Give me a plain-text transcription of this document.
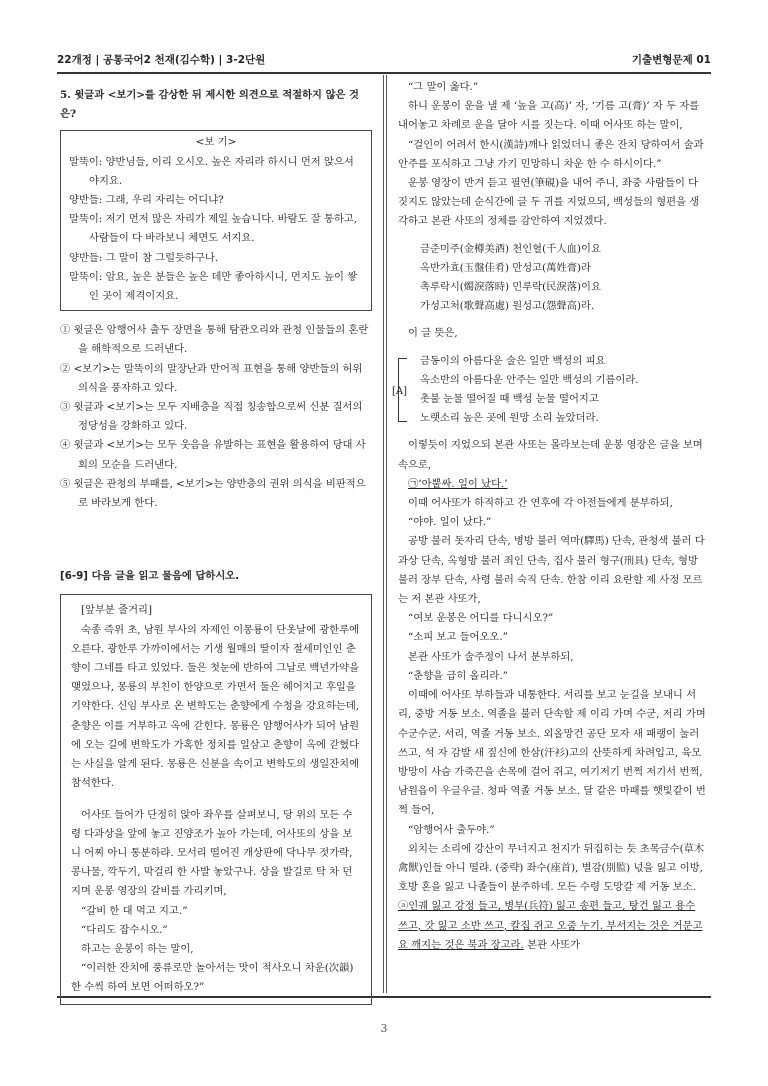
22개정 | 공통국어2 천재(김수학) | 3-2단원	기출변형문제 01

5. 윗글과 <보기>를 감상한 뒤 제시한 의견으로 적절하지 않은 것은?

<보 기>

말뚝이: 양반님들, 이리 오시오. 높은 자리라 하시니 먼저 앉으셔야지요.

양반들: 그래, 우리 자리는 어디냐?

말뚝이: 저기 먼저 많은 자리가 제일 높습니다. 바람도 잘 통하고, 사람들이 다 바라보니 체면도 서지요.

양반들: 그 말이 참 그럴듯하구나.

말뚝이: 암요, 높은 분들은 높은 데만 좋아하시니, 먼지도 높이 쌓인 곳이 제격이지요.

① 윗글은 암행어사 출두 장면을 통해 탐관오리와 관청 인물들의 혼란을 해학적으로 드러낸다.

② <보기>는 말뚝이의 말장난과 반어적 표현을 통해 양반들의 허위의식을 풍자하고 있다.

③ 윗글과 <보기>는 모두 지배층을 직접 칭송함으로써 신분 질서의 정당성을 강화하고 있다.

④ 윗글과 <보기>는 모두 웃음을 유발하는 표현을 활용하여 당대 사회의 모순을 드러낸다.

⑤ 윗글은 관청의 부패를, <보기>는 양반층의 권위 의식을 비판적으로 바라보게 한다.

[6-9] 다음 글을 읽고 물음에 답하시오.

[앞부분 줄거리]

숙종 즉위 초, 남원 부사의 자제인 이몽룡이 단옷날에 광한루에 오른다. 광한루 가까이에서는 기생 월매의 딸이자 절세미인인 춘향이 그네를 타고 있었다. 둘은 첫눈에 반하여 그날로 백년가약을 맺었으나, 몽룡의 부친이 한양으로 가면서 둘은 헤어지고 후일을 기약한다. 신임 부사로 온 변학도는 춘향에게 수청을 강요하는데, 춘향은 이를 거부하고 옥에 갇힌다. 몽룡은 암행어사가 되어 남원에 오는 길에 변학도가 가혹한 정치를 일삼고 춘향이 옥에 갇혔다는 사실을 알게 된다. 몽룡은 신분을 속이고 변학도의 생일잔치에 참석한다.

어사또 들어가 단정히 앉아 좌우를 살펴보니, 당 위의 모든 수령 다과상을 앞에 놓고 진양조가 높아 가는데, 어사또의 상을 보니 어찌 아니 통분하랴. 모서리 떨어진 개상판에 닥나무 젓가락, 콩나물, 깍두기, 막걸리 한 사발 놓았구나. 상을 발길로 탁 차 던지며 운봉 영장의 갈비를 가리키며,

“갈비 한 대 먹고 지고.”

“다리도 잡수시오.”

하고는 운봉이 하는 말이,

“이러한 잔치에 풍류로만 놀아서는 맛이 적사오니 차운(次韻) 한 수씩 하여 보면 어떠하오?”

“그 말이 옳다.”

하니 운봉이 운을 낼 제 ‘높을 고(高)’ 자, ‘기름 고(膏)’ 자 두 자를 내어놓고 차례로 운을 달아 시를 짓는다. 이때 어사또 하는 말이,

“걸인이 어려서 한시(漢詩)깨나 읽었더니 좋은 잔치 당하여서 술과 안주를 포식하고 그냥 가기 민망하니 차운 한 수 하시이다.”

운봉 영장이 반겨 듣고 필연(筆硯)을 내어 주니, 좌중 사람들이 다 짓지도 않았는데 순식간에 글 두 귀를 지었으되, 백성들의 형편을 생각하고 본관 사또의 정체를 감안하여 지었겠다.

금준미주(金樽美酒) 천인혈(千人血)이요

옥반가효(玉盤佳肴) 만성고(萬姓膏)라

촉루락시(燭淚落時) 민루락(民淚落)이요

가성고처(歌聲高處) 원성고(怨聲高)라.

이 글 뜻은,

[A]

금동이의 아름다운 술은 일만 백성의 피요

옥소반의 아름다운 안주는 일만 백성의 기름이라.

촛불 눈물 떨어질 때 백성 눈물 떨어지고

노랫소리 높은 곳에 원망 소리 높았더라.

이렇듯이 지었으되 본관 사또는 몰라보는데 운봉 영장은 글을 보며 속으로,

㉠‘아뿔싸. 일이 났다.’

이때 어사또가 하직하고 간 연후에 각 아전들에게 분부하되,

“야야. 일이 났다.”

공방 불러 돗자리 단속, 병방 불러 역마(驛馬) 단속, 관청색 불러 다과상 단속, 옥형방 불러 죄인 단속, 집사 불러 형구(刑具) 단속, 형방 불러 장부 단속, 사령 불러 숙직 단속. 한참 이리 요란할 제 사정 모르는 저 본관 사또가,

“여보 운봉은 어디를 다니시오?”

“소피 보고 들어오오.”

본관 사또가 술주정이 나서 분부하되,

“춘향을 급히 올리라.”

이때에 어사또 부하들과 내통한다. 서리를 보고 눈길을 보내니 서리, 중방 거동 보소. 역졸을 불러 단속할 제 이리 가며 수군, 저리 가며 수군수군. 서리, 역졸 거동 보소. 외올망건 공단 모자 새 패랭이 눌러쓰고, 석 자 감발 새 짚신에 한삼(汗衫)고의 산뜻하게 차려입고, 육모 방망이 사슴 가죽끈을 손목에 걸어 쥐고, 여기저기 번쩍 저기서 번쩍, 남원읍이 우글우글. 청파 역졸 거동 보소. 달 같은 마패를 햇빛같이 번쩍 들어,

“암행어사 출두야.”

외치는 소리에 강산이 무너지고 천지가 뒤집히는 듯 초목금수(草木禽獸)인들 아니 떨랴. (중략) 좌수(座首), 별감(別監) 넋을 잃고 이방, 호방 혼을 잃고 나졸들이 분주하네. 모든 수령 도망갈 제 거동 보소. ⓐ인궤 잃고 강정 들고, 병부(兵符) 잃고 송편 들고, 탕건 잃고 용수 쓰고, 갓 잃고 소반 쓰고, 칼집 쥐고 오줌 누기. 부서지는 것은 거문고요 깨지는 것은 북과 장고라. 본관 사또가

3
